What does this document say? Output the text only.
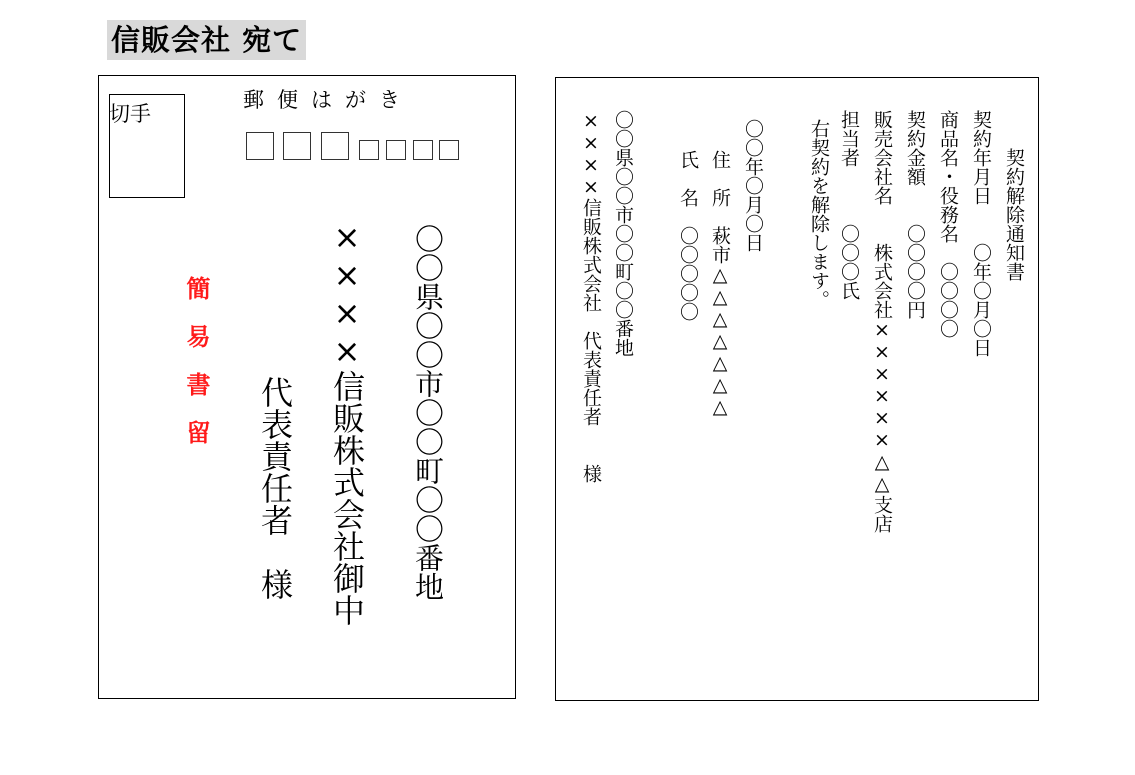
信販会社 宛て
切手
郵便はがき
簡易書留	〇〇県〇〇市〇〇町〇〇番地
××××信販株式会社御中
代表責任者　様
契約解除通知書
契約年月日　　〇年〇月〇日
商品名・役務名　〇〇〇〇
契約金額　　〇〇〇〇円
販売会社名　　株式会社××××××△△支店
担当者　　　〇〇〇氏
右契約を解除します。
〇〇年〇月〇日
住　所　萩市△△△△△△△
氏　名　〇〇〇〇〇
〇〇県〇〇市〇〇町〇〇番地
××××信販株式会社　代表責任者　　様
